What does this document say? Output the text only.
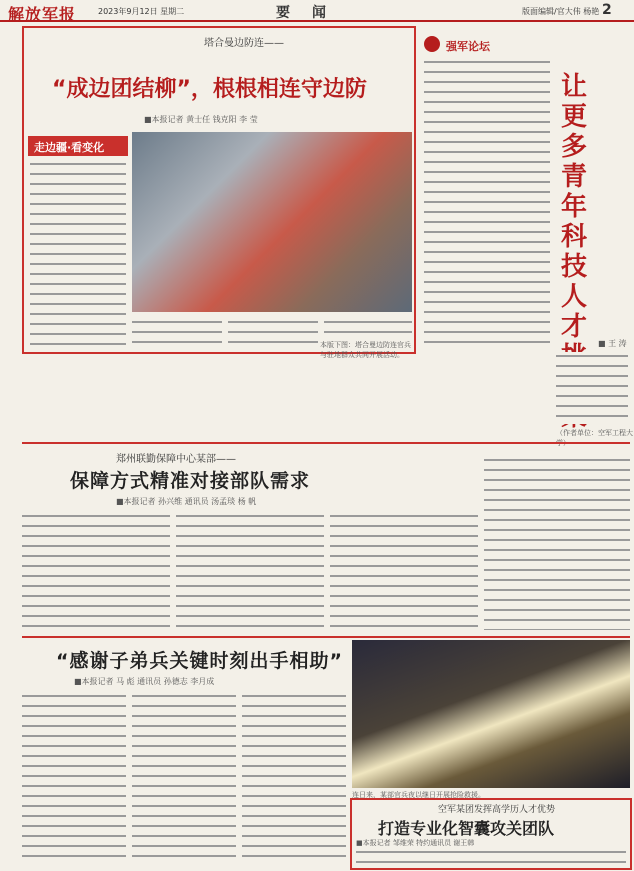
解放军报	2023年9月12日 星期二	要　闻	版面编辑/官大伟 杨艳 2
塔合曼边防连——
“成边团结柳”，根根相连守边防
■本报记者 黄士任 钱克阳 李 莹
走边疆·看变化
本版下图：塔合曼边防连官兵与驻地群众共同开展活动。
强军论坛
让更多青年科技人才
■ 王 涛
（作者单位：空军工程大
郑州联勤保障中心某部——
保障方式精准对接部队需求
■本报记者 孙兴维 通讯员 汤孟琰 杨 帆
“感谢子弟兵关键时刻出手相助”
■本报记者 马 彪 通讯员 孙德志 李月成
连日来，某部官兵夜以继日开展抢险救援。
空军某团发挥高学历人才优势
打造专业化智囊攻关团队
■本报记者 邹维荣 特约通讯员 谢王韩
